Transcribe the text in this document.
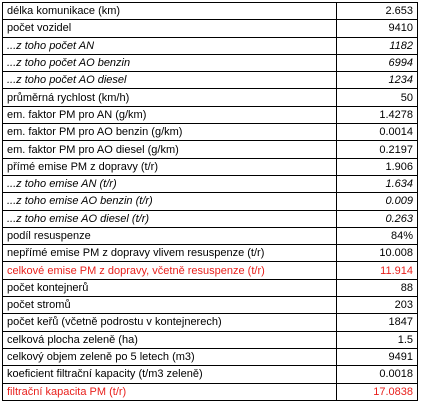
délka komunikace (km)	2.653
počet vozidel	9410
...z toho počet AN	1182
...z toho počet AO benzin	6994
...z toho počet AO diesel	1234
průměrná rychlost (km/h)	50
em. faktor PM pro AN (g/km)	1.4278
em. faktor PM pro AO benzin (g/km)	0.0014
em. faktor PM pro AO diesel (g/km)	0.2197
přímé emise PM z dopravy (t/r)	1.906
...z toho emise AN (t/r)	1.634
...z toho emise AO benzin (t/r)	0.009
...z toho emise AO diesel (t/r)	0.263
podíl resuspenze	84%
nepřímé emise PM z dopravy vlivem resuspenze (t/r)	10.008
celkové emise PM z dopravy, včetně resuspenze (t/r)	11.914
počet kontejnerů	88
počet stromů	203
počet keřů (včetně podrostu v kontejnerech)	1847
celková plocha zeleně (ha)	1.5
celkový objem zeleně po 5 letech (m3)	9491
koeficient filtrační kapacity (t/m3 zeleně)	0.0018
filtrační kapacita PM (t/r)	17.0838
